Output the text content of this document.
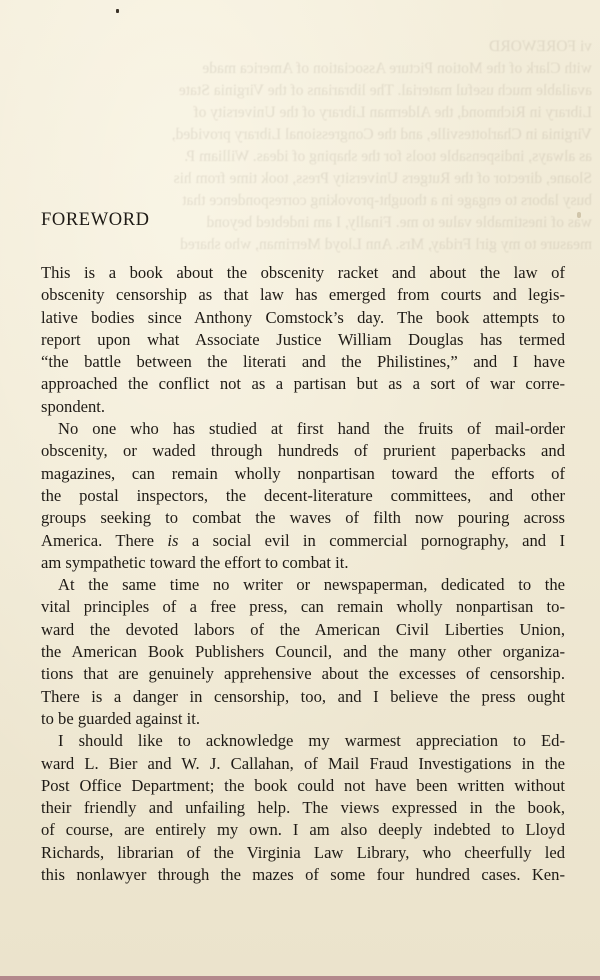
vi FOREWORD
with Clark of the Motion Picture Association of America made
available much useful material. The librarians of the Virginia State
Library in Richmond, the Alderman Library of the University of
Virginia in Charlottesville, and the Congressional Library provided,
as always, indispensable tools for the shaping of ideas. William P.
Sloane, director of the Rutgers University Press, took time from his
busy labors to engage in a thought-provoking correspondence that
was of inestimable value to me. Finally, I am indebted beyond
measure to my girl Friday, Mrs. Ann Lloyd Merriman, who shared
FOREWORD

This is a book about the obscenity racket and about the law of

obscenity censorship as that law has emerged from courts and legis-

lative bodies since Anthony Comstock’s day. The book attempts to

report upon what Associate Justice William Douglas has termed

“the battle between the literati and the Philistines,” and I have

approached the conflict not as a partisan but as a sort of war corre-

spondent.

No one who has studied at first hand the fruits of mail-order

obscenity, or waded through hundreds of prurient paperbacks and

magazines, can remain wholly nonpartisan toward the efforts of

the postal inspectors, the decent-literature committees, and other

groups seeking to combat the waves of filth now pouring across

America. There is a social evil in commercial pornography, and I

am sympathetic toward the effort to combat it.

At the same time no writer or newspaperman, dedicated to the

vital principles of a free press, can remain wholly nonpartisan to-

ward the devoted labors of the American Civil Liberties Union,

the American Book Publishers Council, and the many other organiza-

tions that are genuinely apprehensive about the excesses of censorship.

There is a danger in censorship, too, and I believe the press ought

to be guarded against it.

I should like to acknowledge my warmest appreciation to Ed-

ward L. Bier and W. J. Callahan, of Mail Fraud Investigations in the

Post Office Department; the book could not have been written without

their friendly and unfailing help. The views expressed in the book,

of course, are entirely my own. I am also deeply indebted to Lloyd

Richards, librarian of the Virginia Law Library, who cheerfully led

this nonlawyer through the mazes of some four hundred cases. Ken-
